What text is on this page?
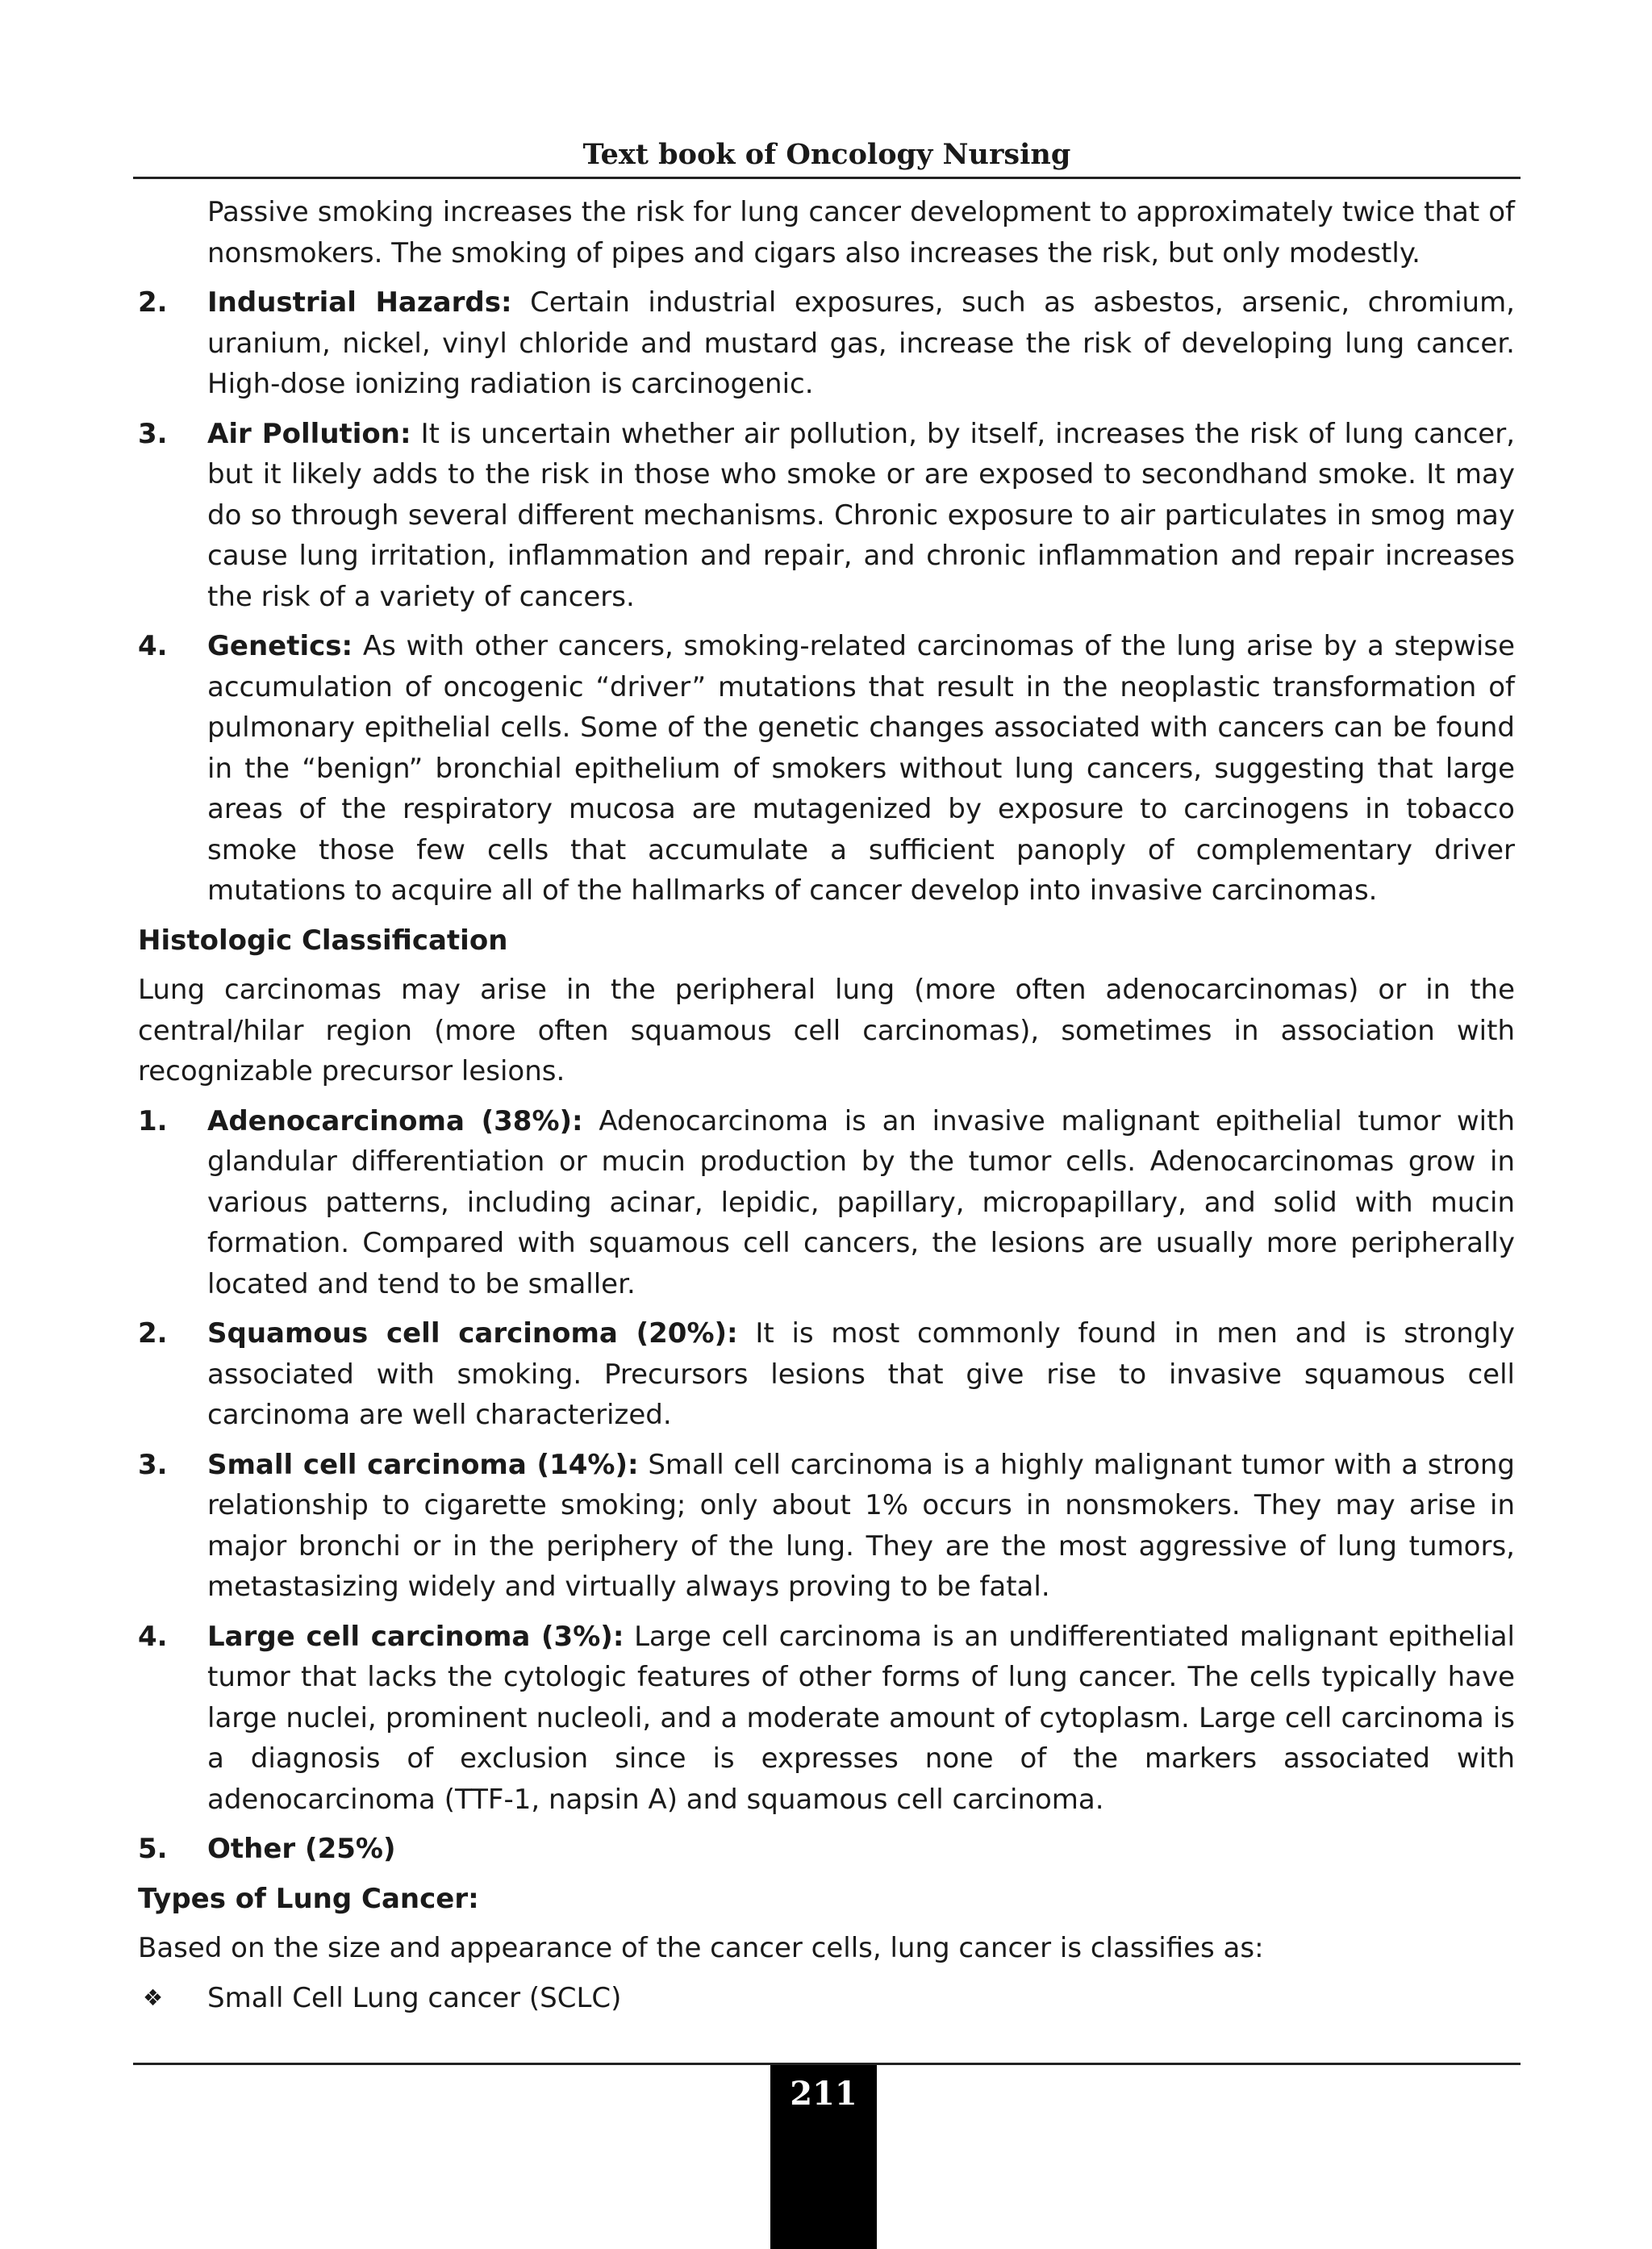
Text book of Oncology Nursing

Passive smoking increases the risk for lung cancer development to approximately twice that of nonsmokers. The smoking of pipes and cigars also increases the risk, but only modestly.

2. Industrial Hazards: Certain industrial exposures, such as asbestos, arsenic, chromium, uranium, nickel, vinyl chloride and mustard gas, increase the risk of developing lung cancer. High-dose ionizing radiation is carcinogenic.
3. Air Pollution: It is uncertain whether air pollution, by itself, increases the risk of lung cancer, but it likely adds to the risk in those who smoke or are exposed to secondhand smoke. It may do so through several different mechanisms. Chronic exposure to air particulates in smog may cause lung irritation, inflammation and repair, and chronic inflammation and repair increases the risk of a variety of cancers.
4. Genetics: As with other cancers, smoking-related carcinomas of the lung arise by a stepwise accumulation of oncogenic “driver” mutations that result in the neoplastic transformation of pulmonary epithelial cells. Some of the genetic changes associated with cancers can be found in the “benign” bronchial epithelium of smokers without lung cancers, suggesting that large areas of the respiratory mucosa are mutagenized by exposure to carcinogens in tobacco smoke those few cells that accumulate a sufficient panoply of complementary driver mutations to acquire all of the hallmarks of cancer develop into invasive carcinomas.
Histologic Classification

Lung carcinomas may arise in the peripheral lung (more often adenocarcinomas) or in the central/hilar region (more often squamous cell carcinomas), sometimes in association with recognizable precursor lesions.

1. Adenocarcinoma (38%): Adenocarcinoma is an invasive malignant epithelial tumor with glandular differentiation or mucin production by the tumor cells. Adenocarcinomas grow in various patterns, including acinar, lepidic, papillary, micropapillary, and solid with mucin formation. Compared with squamous cell cancers, the lesions are usually more peripherally located and tend to be smaller.
2. Squamous cell carcinoma (20%): It is most commonly found in men and is strongly associated with smoking. Precursors lesions that give rise to invasive squamous cell carcinoma are well characterized.
3. Small cell carcinoma (14%): Small cell carcinoma is a highly malignant tumor with a strong relationship to cigarette smoking; only about 1% occurs in nonsmokers. They may arise in major bronchi or in the periphery of the lung. They are the most aggressive of lung tumors, metastasizing widely and virtually always proving to be fatal.
4. Large cell carcinoma (3%): Large cell carcinoma is an undifferentiated malignant epithelial tumor that lacks the cytologic features of other forms of lung cancer. The cells typically have large nuclei, prominent nucleoli, and a moderate amount of cytoplasm. Large cell carcinoma is a diagnosis of exclusion since is expresses none of the markers associated with adenocarcinoma (TTF-1, napsin A) and squamous cell carcinoma.
5. Other (25%)
Types of Lung Cancer:

Based on the size and appearance of the cancer cells, lung cancer is classifies as:

❖ Small Cell Lung cancer (SCLC)
211
